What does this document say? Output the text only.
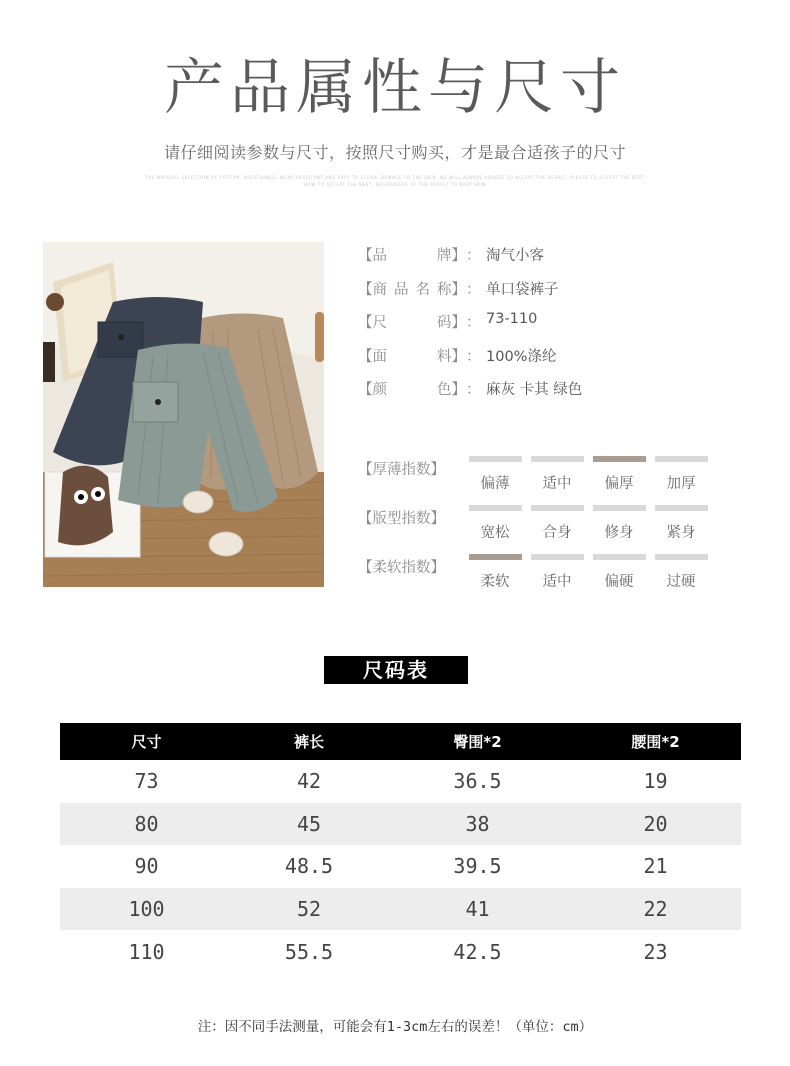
产品属性与尺寸
请仔细阅读参数与尺寸，按照尺寸购买，才是最合适孩子的尺寸
THE NATURAL SELECTION OF COTTON, BREATHABLE, WEAR-RESISTANT AND EASY TO CLEAN, DAMAGE TO THE SKIN, WE WILL ALWAYS ADHERE TO ACCEPT THE RESULT, PLEASE TO ACCEPT THE BEST
HOW TO ACCEPT THE BEST, REGARDLESS OF THE RESULT TO BABY SKIN
【 品	牌 】 ： 淘气小客
【 商 品 名 称 】 ： 单口袋裤子
【 尺	码 】 ： 73-110
【 面	料 】 ： 100%涤纶
【 颜	色 】 ： 麻灰 卡其 绿色
【厚薄指数】
偏薄	适中	偏厚	加厚
【版型指数】
宽松	合身	修身	紧身
【柔软指数】
柔软	适中	偏硬	过硬
尺码表
尺寸	裤长	臀围*2	腰围*2
73	42	36.5	19
80	45	38	20
90	48.5	39.5	21
100	52	41	22
110	55.5	42.5	23
注：因不同手法测量，可能会有1-3cm左右的误差！（单位：cm）
